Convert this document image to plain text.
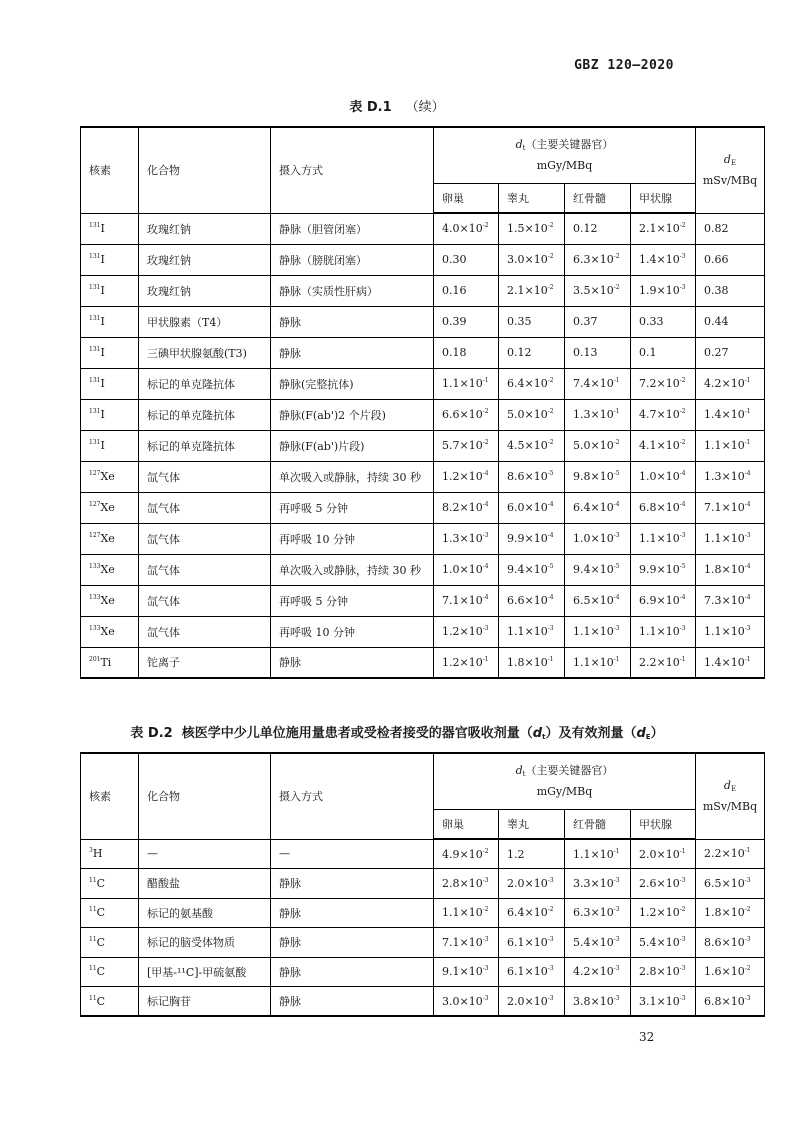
GBZ 120—2020
表 D.1 （续）
核素	化合物	摄入方式	$d_t$（主要关键器官）
mGy/MBq				$d_E$
mSv/MBq
			卵巢	睾丸	红骨髓	甲状腺	
$^{131}$I	玫瑰红钠	静脉（胆管闭塞）	$4.0\times 10^{-2}$	$1.5\times 10^{-2}$	0.12	$2.1\times 10^{-2}$	0.82
$^{131}$I	玫瑰红钠	静脉（膀胱闭塞）	0.30	$3.0\times 10^{-2}$	$6.3\times 10^{-2}$	$1.4\times 10^{-3}$	0.66
$^{131}$I	玫瑰红钠	静脉（实质性肝病）	0.16	$2.1\times 10^{-2}$	$3.5\times 10^{-2}$	$1.9\times 10^{-3}$	0.38
$^{131}$I	甲状腺素（T4）	静脉	0.39	0.35	0.37	0.33	0.44
$^{131}$I	三碘甲状腺氨酸(T3)	静脉	0.18	0.12	0.13	0.1	0.27
$^{131}$I	标记的单克隆抗体	静脉(完整抗体)	$1.1\times 10^{-1}$	$6.4\times 10^{-2}$	$7.4\times 10^{-1}$	$7.2\times 10^{-2}$	$4.2\times 10^{-1}$
$^{131}$I	标记的单克隆抗体	静脉(F(ab')2 个片段)	$6.6\times 10^{-2}$	$5.0\times 10^{-2}$	$1.3\times 10^{-1}$	$4.7\times 10^{-2}$	$1.4\times 10^{-1}$
$^{131}$I	标记的单克隆抗体	静脉(F(ab')片段)	$5.7\times 10^{-2}$	$4.5\times 10^{-2}$	$5.0\times 10^{-2}$	$4.1\times 10^{-2}$	$1.1\times 10^{-1}$
$^{127}$Xe	氙气体	单次吸入或静脉，持续 30 秒	$1.2\times 10^{-4}$	$8.6\times 10^{-5}$	$9.8\times 10^{-5}$	$1.0\times 10^{-4}$	$1.3\times 10^{-4}$
$^{127}$Xe	氙气体	再呼吸 5 分钟	$8.2\times 10^{-4}$	$6.0\times 10^{-4}$	$6.4\times 10^{-4}$	$6.8\times 10^{-4}$	$7.1\times 10^{-4}$
$^{127}$Xe	氙气体	再呼吸 10 分钟	$1.3\times 10^{-3}$	$9.9\times 10^{-4}$	$1.0\times 10^{-3}$	$1.1\times 10^{-3}$	$1.1\times 10^{-3}$
$^{133}$Xe	氙气体	单次吸入或静脉，持续 30 秒	$1.0\times 10^{-4}$	$9.4\times 10^{-5}$	$9.4\times 10^{-5}$	$9.9\times 10^{-5}$	$1.8\times 10^{-4}$
$^{133}$Xe	氙气体	再呼吸 5 分钟	$7.1\times 10^{-4}$	$6.6\times 10^{-4}$	$6.5\times 10^{-4}$	$6.9\times 10^{-4}$	$7.3\times 10^{-4}$
$^{133}$Xe	氙气体	再呼吸 10 分钟	$1.2\times 10^{-3}$	$1.1\times 10^{-3}$	$1.1\times 10^{-3}$	$1.1\times 10^{-3}$	$1.1\times 10^{-3}$
$^{201}$Ti	铊离子	静脉	$1.2\times 10^{-1}$	$1.8\times 10^{-1}$	$1.1\times 10^{-1}$	$2.2\times 10^{-1}$	$1.4\times 10^{-1}$
表 D.2 核医学中少儿单位施用量患者或受检者接受的器官吸收剂量$(d_t)$及有效剂量$(d_E)$
核素	化合物	摄入方式	$d_t$（主要关键器官）
mGy/MBq				$d_E$
mSv/MBq
			卵巢	睾丸	红骨髓	甲状腺	
$^3$H	—	—	$4.9\times 10^{-2}$	1.2	$1.1\times 10^{-1}$	$2.0\times 10^{-1}$	$2.2\times 10^{-1}$
$^{11}$C	醋酸盐	静脉	$2.8\times 10^{-3}$	$2.0\times 10^{-3}$	$3.3\times 10^{-3}$	$2.6\times 10^{-3}$	$6.5\times 10^{-3}$
$^{11}$C	标记的氨基酸	静脉	$1.1\times 10^{-2}$	$6.4\times 10^{-2}$	$6.3\times 10^{-3}$	$1.2\times 10^{-2}$	$1.8\times 10^{-2}$
$^{11}$C	标记的脑受体物质	静脉	$7.1\times 10^{-3}$	$6.1\times 10^{-3}$	$5.4\times 10^{-3}$	$5.4\times 10^{-3}$	$8.6\times 10^{-3}$
$^{11}$C	[甲基-¹¹C]-甲硫氨酸	静脉	$9.1\times 10^{-3}$	$6.1\times 10^{-3}$	$4.2\times 10^{-3}$	$2.8\times 10^{-3}$	$1.6\times 10^{-2}$
$^{11}$C	标记胸苷	静脉	$3.0\times 10^{-3}$	$2.0\times 10^{-3}$	$3.8\times 10^{-3}$	$3.1\times 10^{-3}$	$6.8\times 10^{-3}$
32
